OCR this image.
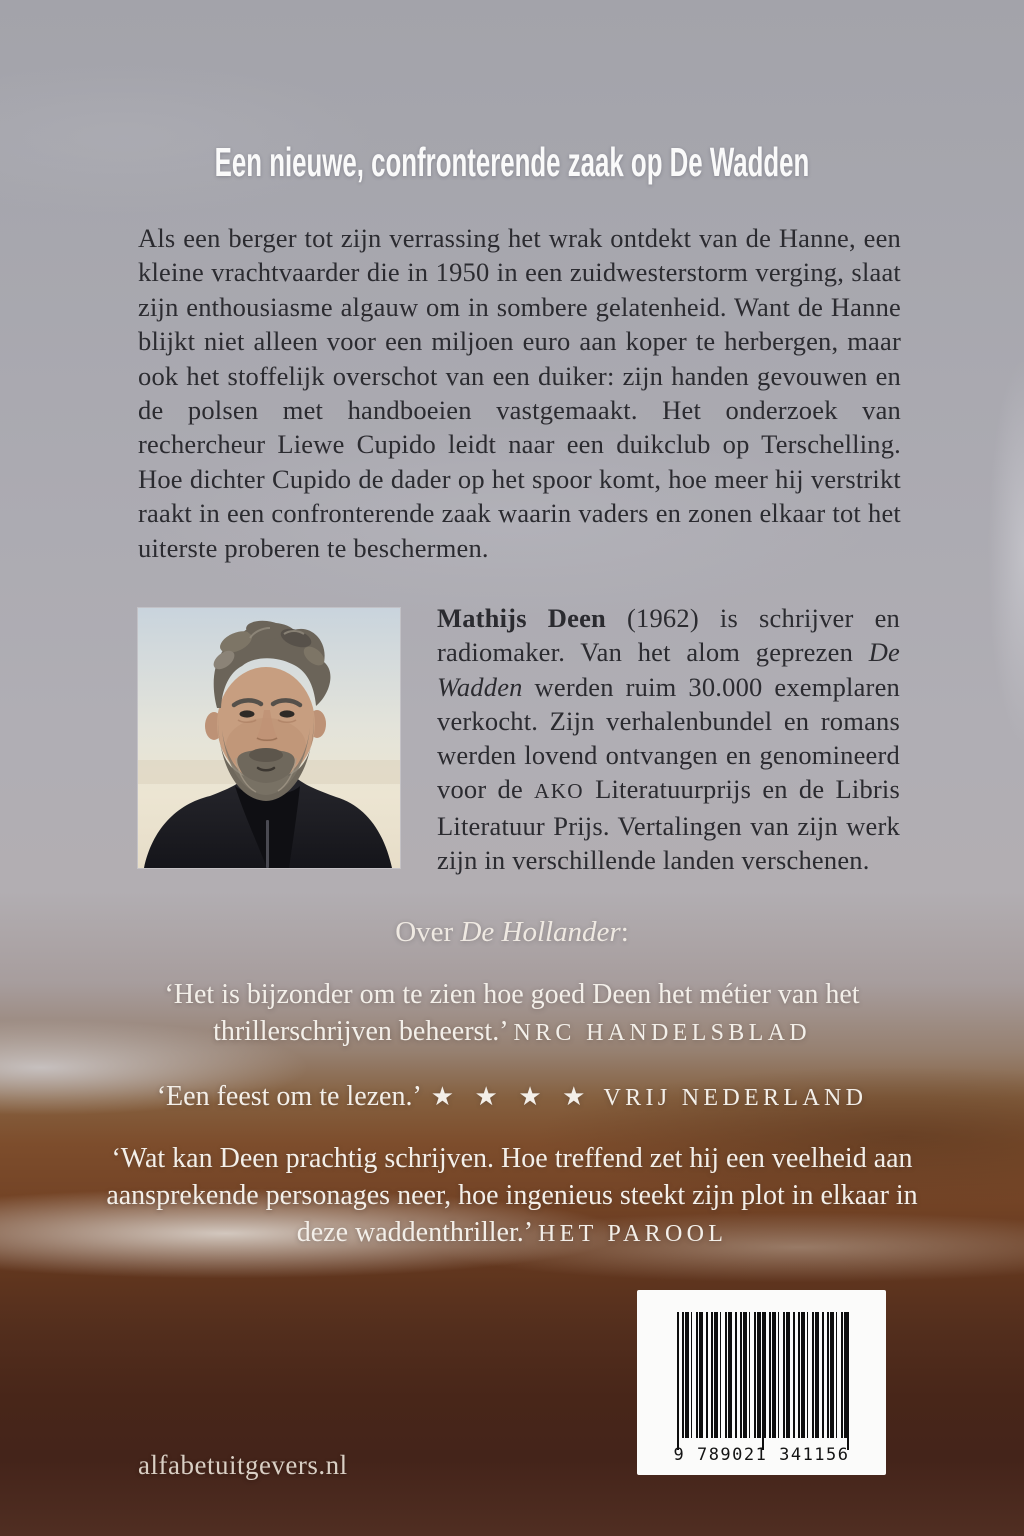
Een nieuwe, confronterende zaak op De Wadden
Als een berger tot zijn verrassing het wrak ontdekt van de Hanne, een kleine vrachtvaarder die in 1950 in een zuidwesterstorm verging, slaat zijn enthousiasme algauw om in sombere gelatenheid. Want de Hanne blijkt niet alleen voor een miljoen euro aan koper te herbergen, maar ook het stoffelijk overschot van een duiker: zijn handen gevouwen en de polsen met handboeien vastgemaakt. Het onderzoek van rechercheur Liewe Cupido leidt naar een duikclub op Terschelling. Hoe dichter Cupido de dader op het spoor komt, hoe meer hij verstrikt raakt in een confronterende zaak waarin vaders en zonen elkaar tot het uiterste proberen te beschermen.
Mathijs Deen (1962) is schrijver en radiomaker. Van het alom geprezen De Wadden werden ruim 30.000 exemplaren verkocht. Zijn verhalenbundel en romans werden lovend ontvangen en genomineerd voor de AKO Literatuurprijs en de Libris Literatuur Prijs. Vertalingen van zijn werk zijn in verschillende landen verschenen.
Over De Hollander:
‘Het is bijzonder om te zien hoe goed Deen het métier van het thrillerschrijven beheerst.’ NRC HANDELSBLAD
‘Een feest om te lezen.’ ★ ★ ★ ★ VRIJ NEDERLAND
‘Wat kan Deen prachtig schrijven. Hoe treffend zet hij een veelheid aan aansprekende personages neer, hoe ingenieus steekt zijn plot in elkaar in deze waddenthriller.’ HET PAROOL
alfabetuitgevers.nl	9 789021 341156
